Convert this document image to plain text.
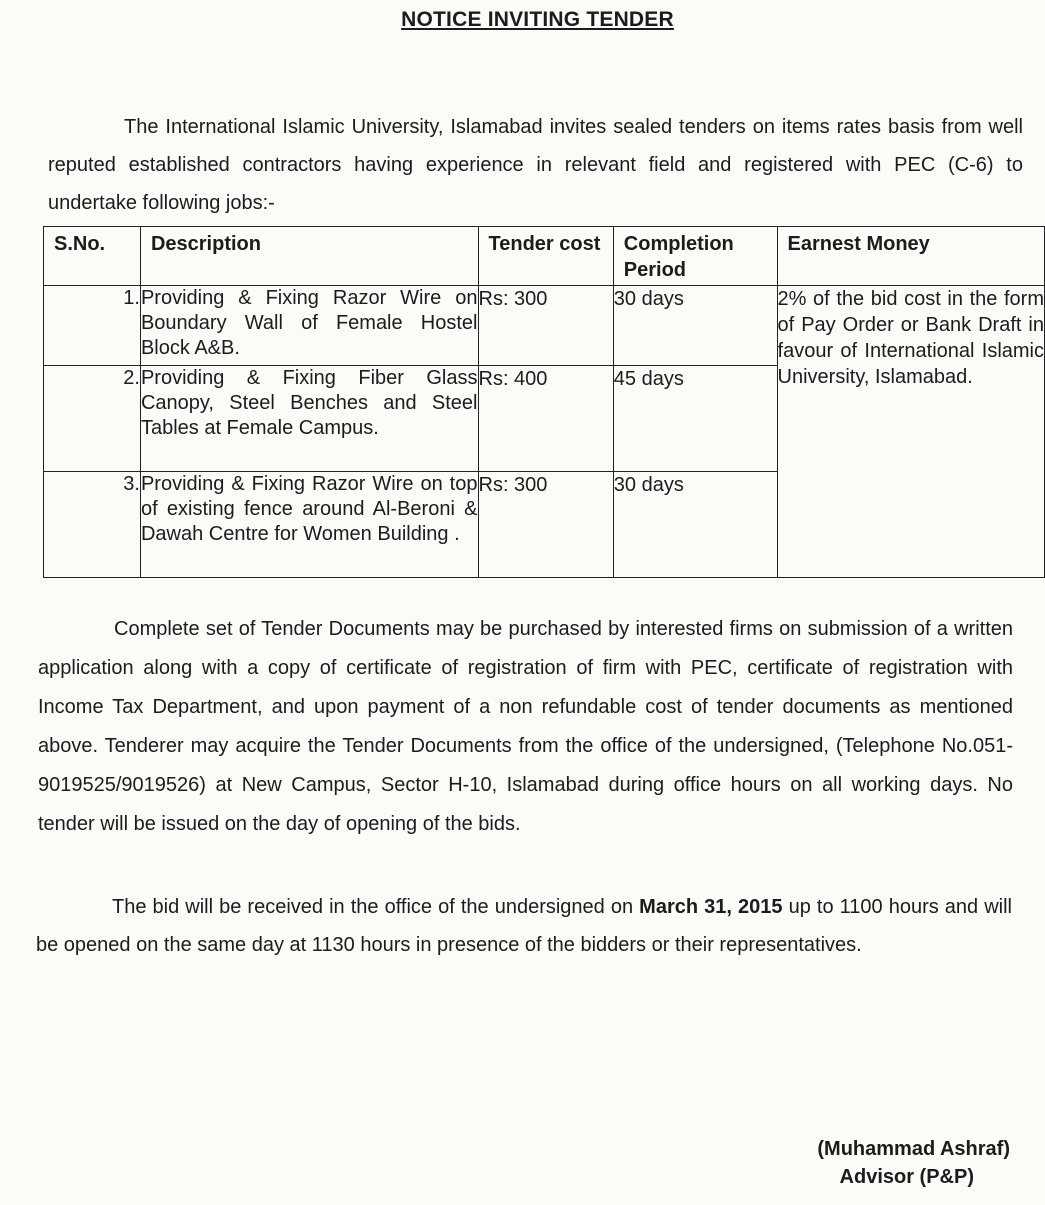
NOTICE INVITING TENDER
The International Islamic University, Islamabad invites sealed tenders on items rates basis from well reputed established contractors having experience in relevant field and registered with PEC (C-6) to undertake following jobs:-
S.No.	Description	Tender cost	Completion Period	Earnest Money
1.	Providing & Fixing Razor Wire on Boundary Wall of Female Hostel Block A&B.	Rs: 300	30 days	2% of the bid cost in the form of Pay Order or Bank Draft in favour of International Islamic University, Islamabad.
2.	Providing & Fixing Fiber Glass Canopy, Steel Benches and Steel Tables at Female Campus.	Rs: 400	45 days	
3.	Providing & Fixing Razor Wire on top of existing fence around Al-Beroni & Dawah Centre for Women Building .	Rs: 300	30 days	
Complete set of Tender Documents may be purchased by interested firms on submission of a written application along with a copy of certificate of registration of firm with PEC, certificate of registration with Income Tax Department, and upon payment of a non refundable cost of tender documents as mentioned above. Tenderer may acquire the Tender Documents from the office of the undersigned, (Telephone No.051-9019525/9019526) at New Campus, Sector H-10, Islamabad during office hours on all working days. No tender will be issued on the day of opening of the bids.
The bid will be received in the office of the undersigned on March 31, 2015 up to 1100 hours and will be opened on the same day at 1130 hours in presence of the bidders or their representatives.
(Muhammad Ashraf)
Advisor (P&P)
